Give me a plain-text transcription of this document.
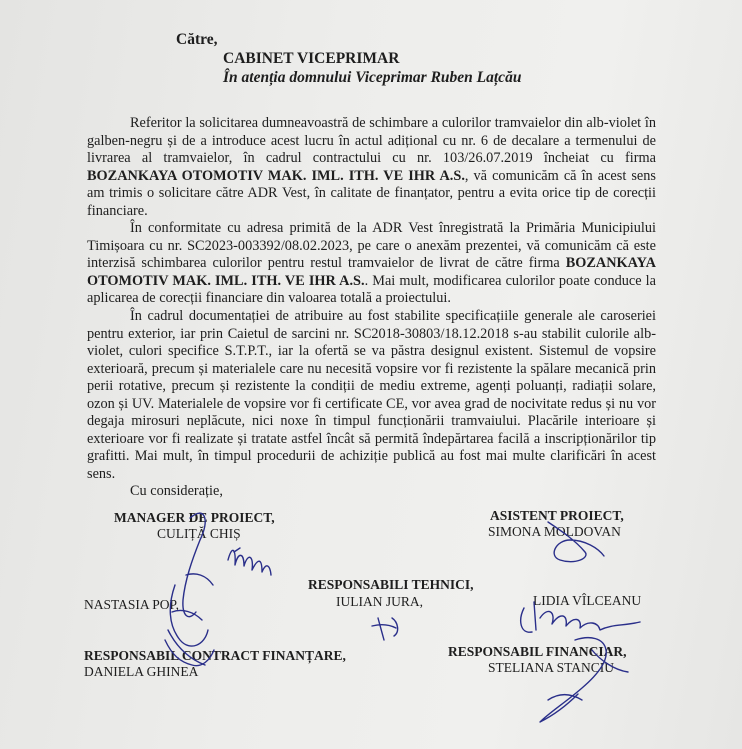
Către,
CABINET VICEPRIMAR
În atenția domnului Viceprimar Ruben Lațcău

Referitor la solicitarea dumneavoastră de schimbare a culorilor tramvaielor din alb-violet în galben-negru și de a introduce acest lucru în actul adițional cu nr. 6 de decalare a termenului de livrarea al tramvaielor, în cadrul contractului cu nr. 103/26.07.2019 încheiat cu firma BOZANKAYA OTOMOTIV MAK. IML. ITH. VE IHR A.S., vă comunicăm că în acest sens am trimis o solicitare către ADR Vest, în calitate de finanțator, pentru a evita orice tip de corecții financiare.

În conformitate cu adresa primită de la ADR Vest înregistrată la Primăria Municipiului Timișoara cu nr. SC2023-003392/08.02.2023, pe care o anexăm prezentei, vă comunicăm că este interzisă schimbarea culorilor pentru restul tramvaielor de livrat de către firma BOZANKAYA OTOMOTIV MAK. IML. ITH. VE IHR A.S.. Mai mult, modificarea culorilor poate conduce la aplicarea de corecții financiare din valoarea totală a proiectului.

În cadrul documentației de atribuire au fost stabilite specificațiile generale ale caroseriei pentru exterior, iar prin Caietul de sarcini nr. SC2018-30803/18.12.2018 s-au stabilit culorile alb-violet, culori specifice S.T.P.T., iar la ofertă se va păstra designul existent. Sistemul de vopsire exterioară, precum și materialele care nu necesită vopsire vor fi rezistente la spălare mecanică prin perii rotative, precum și rezistente la condiții de mediu extreme, agenți poluanți, radiații solare, ozon și UV. Materialele de vopsire vor fi certificate CE, vor avea grad de nocivitate redus și nu vor degaja mirosuri neplăcute, nici noxe în timpul funcționării tramvaiului. Placările interioare și exterioare vor fi realizate și tratate astfel încât să permită îndepărtarea facilă a inscripționărilor tip grafitti. Mai mult, în timpul procedurii de achiziție publică au fost mai multe clarificări în acest sens.

Cu considerație,
MANAGER DE PROIECT,
CULIȚĂ CHIȘ
ASISTENT PROIECT,
SIMONA MOLDOVAN
RESPONSABILI TEHNICI,
NASTASIA POP,	IULIAN JURA,	LIDIA VÎLCEANU
RESPONSABIL CONTRACT FINANȚARE,
DANIELA GHINEA
RESPONSABIL FINANCIAR,
STELIANA STANCIU
